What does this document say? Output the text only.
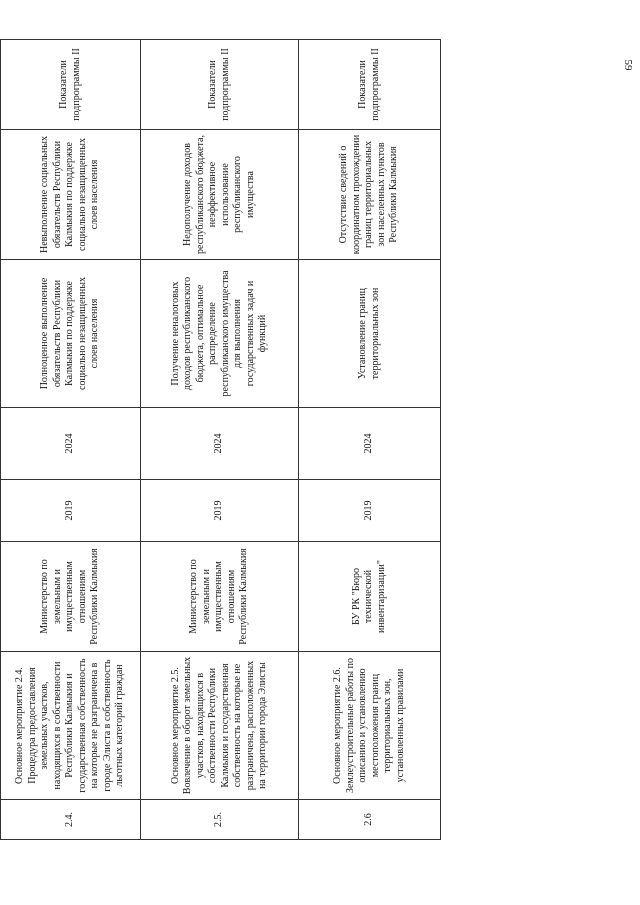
59
2.4.	Основное мероприятие 2.4. Процедура предоставления земельных участков, находящихся в собственности Республики Калмыкия и государственная собственность на которые не разграничена в городе Элиста в собственность льготных категорий граждан	Министерство по земельным и имущественным отношениям Республики Калмыкия	2019	2024	Полноценное выполнение обязательств Республики Калмыкия по поддержке социально незащищенных слоев населения	Невыполнение социальных обязательств Республики Калмыкия по поддержке социально незащищенных слоев населения	Показатели подпрограммы II
2.5.	Основное мероприятие 2.5. Вовлечение в оборот земельных участков, находящихся в собственности Республики Калмыкия и государственная собственность на которые не разграничена, расположенных на территории города Элисты	Министерство по земельным и имущественным отношениям Республики Калмыкия	2019	2024	Получение неналоговых доходов республиканского бюджета, оптимальное распределение республиканского имущества для выполнения государственных задач и функций	Недополучение доходов республиканского бюджета, неэффективное использование республиканского имущества	Показатели подпрограммы II
2.6	Основное мероприятие 2.6. Землеустроительные работы по описанию и установлению местоположения границ территориальных зон, установленных правилами	БУ РК "Бюро технической инвентаризации"	2019	2024	Установление границ территориальных зон	Отсутствие сведений о координатном прохождении границ территориальных зон населенных пунктов Республики Калмыкия	Показатели подпрограммы II
